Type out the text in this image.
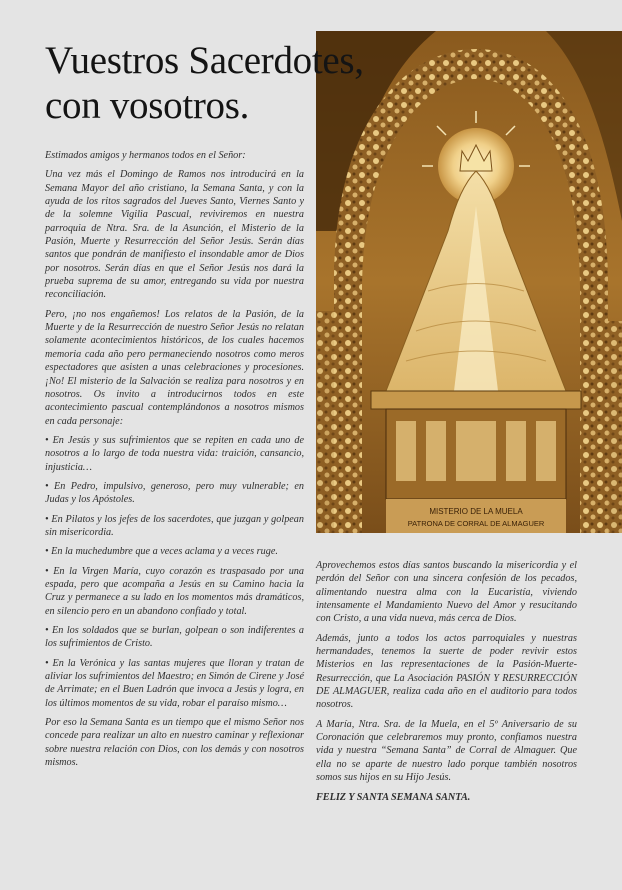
Vuestros Sacerdotes,
con vosotros.
MISTERIO DE LA MUELA
PATRONA DE CORRAL DE ALMAGUER

Estimados amigos y hermanos todos en el Señor:

Una vez más el Domingo de Ramos nos introducirá en la Semana Mayor del año cristiano, la Semana Santa, y con la ayuda de los ritos sagrados del Jueves Santo, Viernes Santo y de la solemne Vigilia Pascual, reviviremos en nuestra parroquia de Ntra. Sra. de la Asunción, el Misterio de la Pasión, Muerte y Resurrección del Señor Jesús. Serán días santos que pondrán de manifiesto el insondable amor de Dios por nosotros. Serán días en que el Señor Jesús nos dará la prueba suprema de su amor, entregando su vida por nuestra reconciliación.

Pero, ¡no nos engañemos! Los relatos de la Pasión, de la Muerte y de la Resurrección de nuestro Señor Jesús no relatan solamente acontecimientos históricos, de los cuales hacemos memoria cada año pero permaneciendo nosotros como meros espectadores que asisten a unas celebraciones y procesiones. ¡No! El misterio de la Salvación se realiza para nosotros y en nosotros. Os invito a introducirnos todos en este acontecimiento pascual contemplándonos a nosotros mismos en cada personaje:

• En Jesús y sus sufrimientos que se repiten en cada uno de nosotros a lo largo de toda nuestra vida: traición, cansancio, injusticia…

• En Pedro, impulsivo, generoso, pero muy vulnerable; en Judas y los Apóstoles.

• En Pilatos y los jefes de los sacerdotes, que juzgan y golpean sin misericordia.

• En la muchedumbre que a veces aclama y a veces ruge.

• En la Virgen María, cuyo corazón es traspasado por una espada, pero que acompaña a Jesús en su Camino hacia la Cruz y permanece a su lado en los momentos más dramáticos, en silencio pero en un abandono confiado y total.

• En los soldados que se burlan, golpean o son indiferentes a los sufrimientos de Cristo.

• En la Verónica y las santas mujeres que lloran y tratan de aliviar los sufrimientos del Maestro; en Simón de Cirene y José de Arrimate; en el Buen Ladrón que invoca a Jesús y logra, en los últimos momentos de su vida, robar el paraíso mismo…

Por eso la Semana Santa es un tiempo que el mismo Señor nos concede para realizar un alto en nuestro caminar y reflexionar sobre nuestra relación con Dios, con los demás y con nosotros mismos.

Aprovechemos estos días santos buscando la misericordia y el perdón del Señor con una sincera confesión de los pecados, alimentando nuestra alma con la Eucaristía, viviendo intensamente el Mandamiento Nuevo del Amor y resucitando con Cristo, a una vida nueva, más cerca de Dios.

Además, junto a todos los actos parroquiales y nuestras hermandades, tenemos la suerte de poder revivir estos Misterios en las representaciones de la Pasión-Muerte-Resurrección, que La Asociación PASIÓN Y RESURRECCIÓN DE ALMAGUER, realiza cada año en el auditorio para todos nosotros.

A María, Ntra. Sra. de la Muela, en el 5º Aniversario de su Coronación que celebraremos muy pronto, confiamos nuestra vida y nuestra “Semana Santa” de Corral de Almaguer. Que ella no se aparte de nuestro lado porque también nosotros somos sus hijos en su Hijo Jesús.

FELIZ Y SANTA SEMANA SANTA.
